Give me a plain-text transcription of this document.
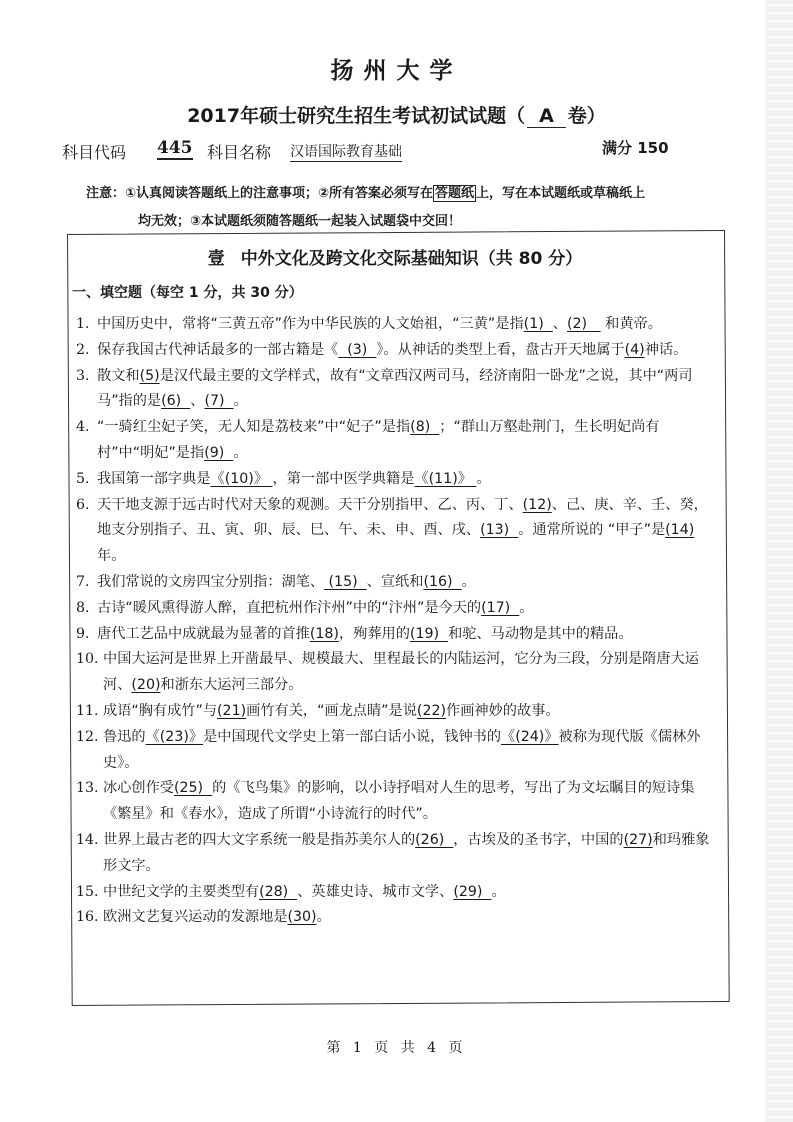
扬州大学
2017年硕士研究生招生考试初试试题（ A 卷）
科目代码 445 科目名称 汉语国际教育基础	满分 150
注意：①认真阅读答题纸上的注意事项；②所有答案必须写在 答题纸 上，写在本试题纸或草稿纸上
均无效；③本试题纸须随答题纸一起装入试题袋中交回！
壹 中外文化及跨文化交际基础知识（共 80 分）
一、填空题（每空 1 分，共 30 分）
1. 中国历史中，常将“三黄五帝”作为中华民族的人文始祖，“三黄”是指(1)  、(2)    和黄帝。
2. 保存我国古代神话最多的一部古籍是《  (3)  》。从神话的类型上看，盘古开天地属于(4)神话。
3. 散文和(5)是汉代最主要的文学样式，故有“文章西汉两司马，经济南阳一卧龙”之说，其中“两司马”指的是(6)  、(7)  。
4. “一骑红尘妃子笑，无人知是荔枝来”中“妃子”是指(8)  ；“群山万壑赴荆门，生长明妃尚有村”中“明妃”是指(9)  。
5. 我国第一部字典是《(10)》 ，第一部中医学典籍是《(11)》 。
6. 天干地支源于远古时代对天象的观测。天干分别指甲、乙、丙、丁、(12)、己、庚、辛、壬、癸，地支分别指子、丑、寅、卯、辰、巳、午、未、申、酉、戌、(13)  。通常所说的 “甲子”是(14)年。
7. 我们常说的文房四宝分别指：湖笔、 (15)  、宣纸和(16)  。
8. 古诗“暖风熏得游人醉，直把杭州作汴州”中的“汴州”是今天的(17)  。
9. 唐代工艺品中成就最为显著的首推(18)，殉葬用的(19)  和驼、马动物是其中的精品。
10. 中国大运河是世界上开凿最早、规模最大、里程最长的内陆运河，它分为三段，分别是隋唐大运河、(20)和浙东大运河三部分。
11. 成语“胸有成竹”与(21)画竹有关，“画龙点睛”是说(22)作画神妙的故事。
12. 鲁迅的《(23)》是中国现代文学史上第一部白话小说，钱钟书的《(24)》被称为现代版《儒林外史》。
13. 冰心创作受(25)  的《飞鸟集》的影响，以小诗抒唱对人生的思考，写出了为文坛瞩目的短诗集《繁星》和《春水》，造成了所谓“小诗流行的时代”。
14. 世界上最古老的四大文字系统一般是指苏美尔人的(26)  ，古埃及的圣书字，中国的(27)和玛雅象形文字。
15. 中世纪文学的主要类型有(28)  、英雄史诗、城市文学、(29)  。
16. 欧洲文艺复兴运动的发源地是(30)。
第 1 页 共 4 页
